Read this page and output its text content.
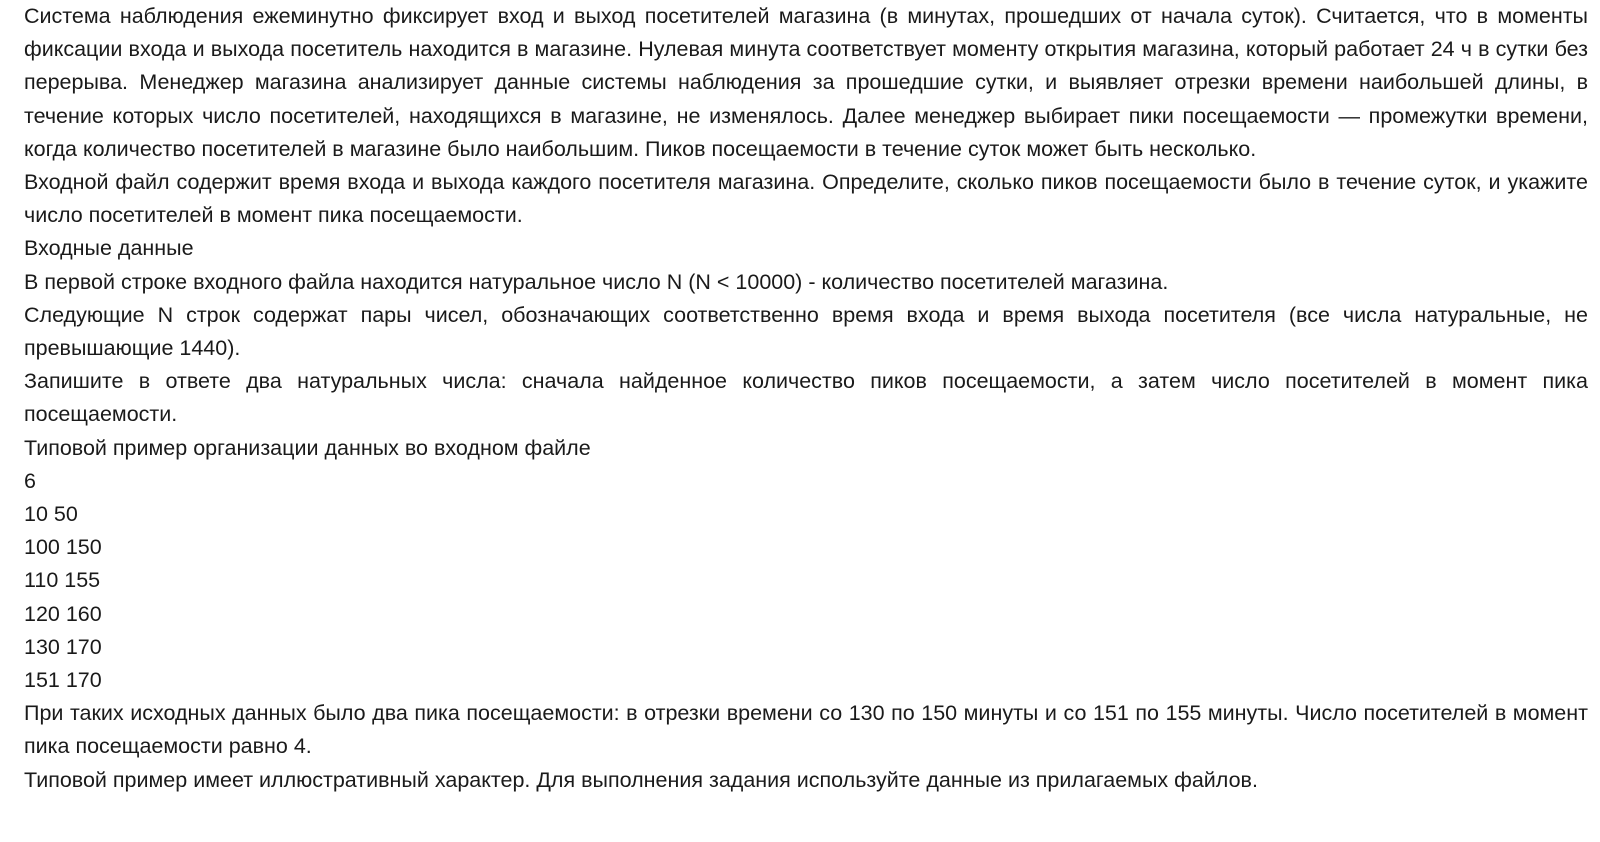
Система наблюдения ежеминутно фиксирует вход и выход посетителей магазина (в минутах, прошедших от начала суток). Считается, что в моменты фиксации входа и выхода посетитель находится в магазине. Нулевая минута соответствует моменту открытия магазина, который работает 24 ч в сутки без перерыва. Менеджер магазина анализирует данные системы наблюдения за прошедшие сутки, и выявляет отрезки времени наибольшей длины, в течение которых число посетителей, находящихся в магазине, не изменялось. Далее менеджер выбирает пики посещаемости — промежутки времени, когда количество посетителей в магазине было наибольшим. Пиков посещаемости в течение суток может быть несколько.

Входной файл содержит время входа и выхода каждого посетителя магазина. Определите, сколько пиков посещаемости было в течение суток, и укажите число посетителей в момент пика посещаемости.

Входные данные

В первой строке входного файла находится натуральное число N (N < 10000) - количество посетителей магазина.

Следующие N строк содержат пары чисел, обозначающих соответственно время входа и время выхода посетителя (все числа натуральные, не превышающие 1440).

Запишите в ответе два натуральных числа: сначала найденное количество пиков посещаемости, а затем число посетителей в момент пика посещаемости.

Типовой пример организации данных во входном файле

6

10 50

100 150

110 155

120 160

130 170

151 170

При таких исходных данных было два пика посещаемости: в отрезки времени со 130 по 150 минуты и со 151 по 155 минуты. Число посетителей в момент пика посещаемости равно 4.

Типовой пример имеет иллюстративный характер. Для выполнения задания используйте данные из прилагаемых файлов.
